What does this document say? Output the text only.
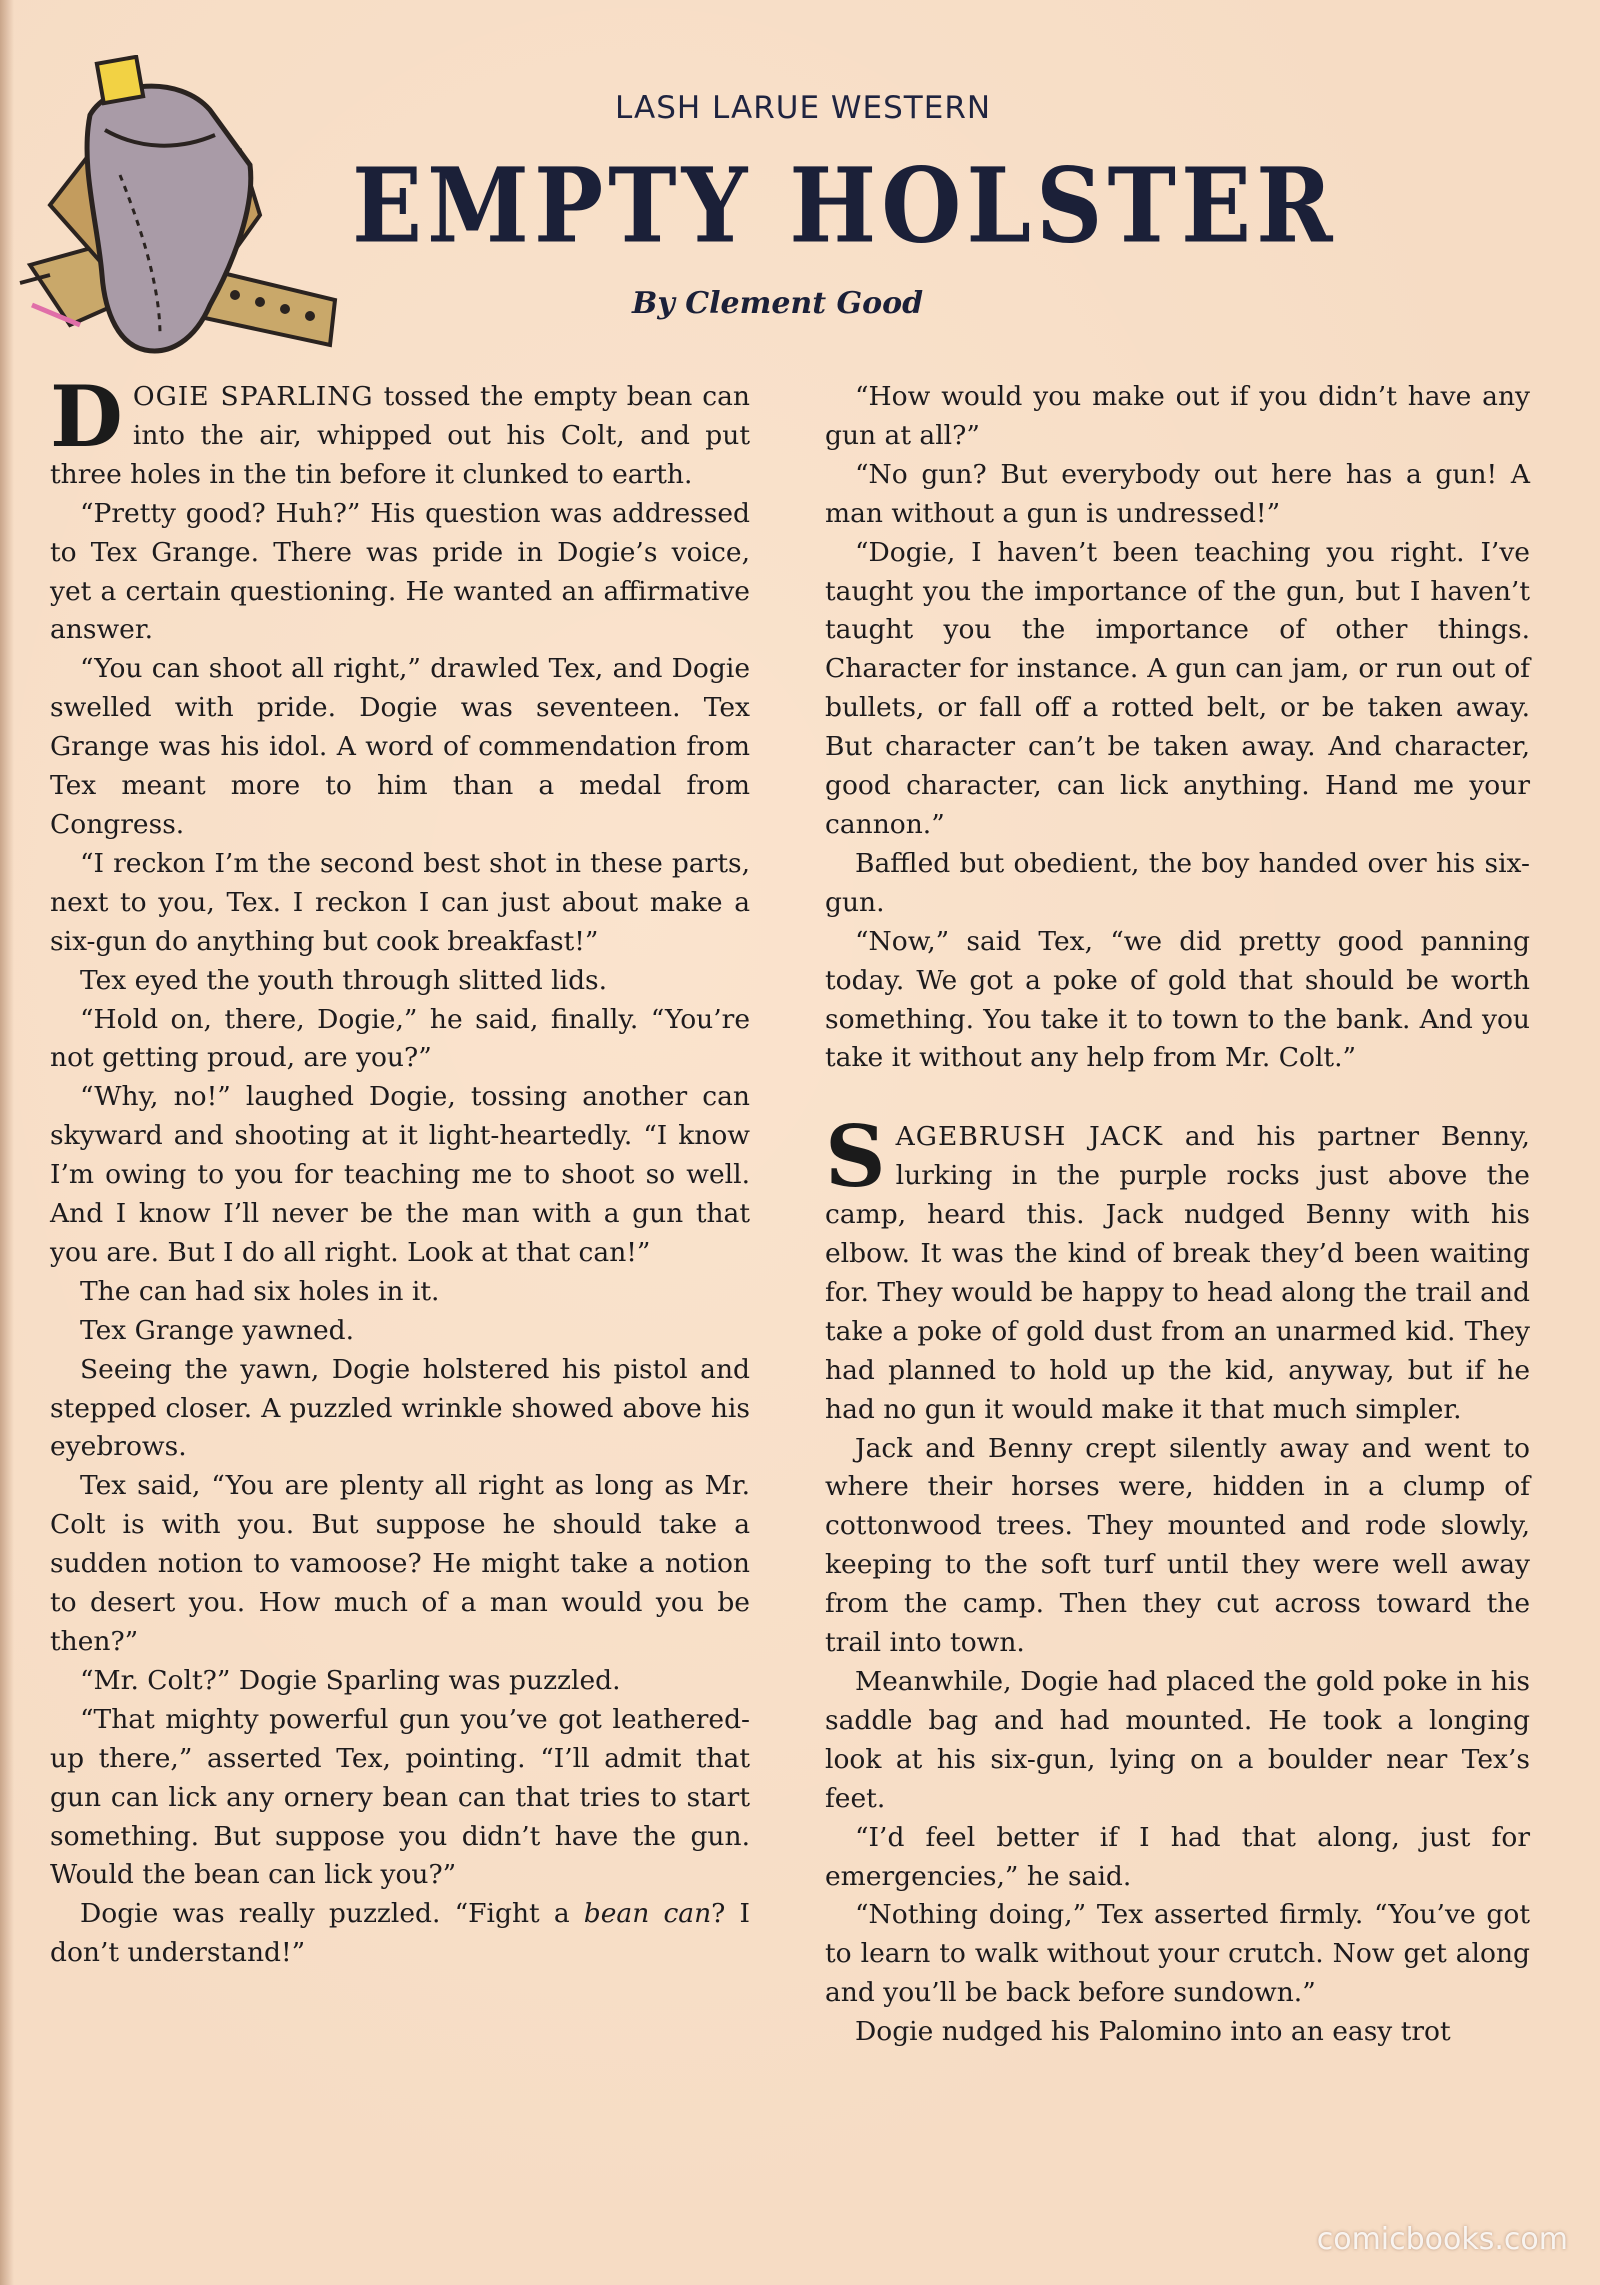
LASH LARUE WESTERN
EMPTY HOLSTER
By Clement Good

DOGIE SPARLING tossed the empty bean can into the air, whipped out his Colt, and put three holes in the tin before it clunked to earth.

“Pretty good? Huh?” His question was addressed to Tex Grange. There was pride in Dogie’s voice, yet a certain questioning. He wanted an affirmative answer.

“You can shoot all right,” drawled Tex, and Dogie swelled with pride. Dogie was seventeen. Tex Grange was his idol. A word of commendation from Tex meant more to him than a medal from Congress.

“I reckon I’m the second best shot in these parts, next to you, Tex. I reckon I can just about make a six-gun do anything but cook breakfast!”

Tex eyed the youth through slitted lids.

“Hold on, there, Dogie,” he said, finally. “You’re not getting proud, are you?”

“Why, no!” laughed Dogie, tossing another can skyward and shooting at it light-heartedly. “I know I’m owing to you for teaching me to shoot so well. And I know I’ll never be the man with a gun that you are. But I do all right. Look at that can!”

The can had six holes in it.

Tex Grange yawned.

Seeing the yawn, Dogie holstered his pistol and stepped closer. A puzzled wrinkle showed above his eyebrows.

Tex said, “You are plenty all right as long as Mr. Colt is with you. But suppose he should take a sudden notion to vamoose? He might take a notion to desert you. How much of a man would you be then?”

“Mr. Colt?” Dogie Sparling was puzzled.

“That mighty powerful gun you’ve got leathered-up there,” asserted Tex, pointing. “I’ll admit that gun can lick any ornery bean can that tries to start something. But suppose you didn’t have the gun. Would the bean can lick you?”

Dogie was really puzzled. “Fight a bean can? I don’t understand!”

“How would you make out if you didn’t have any gun at all?”

“No gun? But everybody out here has a gun! A man without a gun is undressed!”

“Dogie, I haven’t been teaching you right. I’ve taught you the importance of the gun, but I haven’t taught you the importance of other things. Character for instance. A gun can jam, or run out of bullets, or fall off a rotted belt, or be taken away. But character can’t be taken away. And character, good character, can lick anything. Hand me your cannon.”

Baffled but obedient, the boy handed over his six-gun.

“Now,” said Tex, “we did pretty good panning today. We got a poke of gold that should be worth something. You take it to town to the bank. And you take it without any help from Mr. Colt.”

SAGEBRUSH JACK and his partner Benny, lurking in the purple rocks just above the camp, heard this. Jack nudged Benny with his elbow. It was the kind of break they’d been waiting for. They would be happy to head along the trail and take a poke of gold dust from an unarmed kid. They had planned to hold up the kid, anyway, but if he had no gun it would make it that much simpler.

Jack and Benny crept silently away and went to where their horses were, hidden in a clump of cottonwood trees. They mounted and rode slowly, keeping to the soft turf until they were well away from the camp. Then they cut across toward the trail into town.

Meanwhile, Dogie had placed the gold poke in his saddle bag and had mounted. He took a longing look at his six-gun, lying on a boulder near Tex’s feet.

“I’d feel better if I had that along, just for emergencies,” he said.

“Nothing doing,” Tex asserted firmly. “You’ve got to learn to walk without your crutch. Now get along and you’ll be back before sundown.”

Dogie nudged his Palomino into an easy trot

comicbooks.com
